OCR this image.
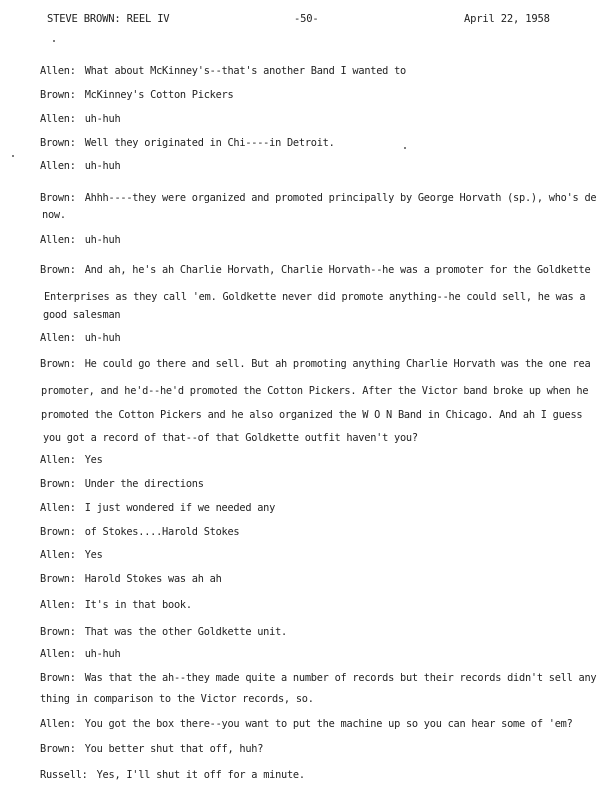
STEVE BROWN: REEL IV	-50-	April 22, 1958
Allen: What about McKinney's--that's another Band I wanted to
Brown: McKinney's Cotton Pickers
Allen: uh-huh
Brown: Well they originated in Chi----in Detroit.
Allen: uh-huh
Brown: Ahhh----they were organized and promoted principally by George Horvath (sp.), who's de
now.
Allen: uh-huh
Brown: And ah, he's ah Charlie Horvath, Charlie Horvath--he was a promoter for the Goldkette
Enterprises as they call 'em. Goldkette never did promote anything--he could sell, he was a
good salesman
Allen: uh-huh
Brown: He could go there and sell. But ah promoting anything Charlie Horvath was the one rea
promoter, and he'd--he'd promoted the Cotton Pickers. After the Victor band broke up when he
promoted the Cotton Pickers and he also organized the W O N Band in Chicago. And ah I guess
you got a record of that--of that Goldkette outfit haven't you?
Allen: Yes
Brown: Under the directions
Allen: I just wondered if we needed any
Brown: of Stokes....Harold Stokes
Allen: Yes
Brown: Harold Stokes was ah ah
Allen: It's in that book.
Brown: That was the other Goldkette unit.
Allen: uh-huh
Brown: Was that the ah--they made quite a number of records but their records didn't sell any
thing in comparison to the Victor records, so.
Allen: You got the box there--you want to put the machine up so you can hear some of 'em?
Brown: You better shut that off, huh?
Russell: Yes, I'll shut it off for a minute.
